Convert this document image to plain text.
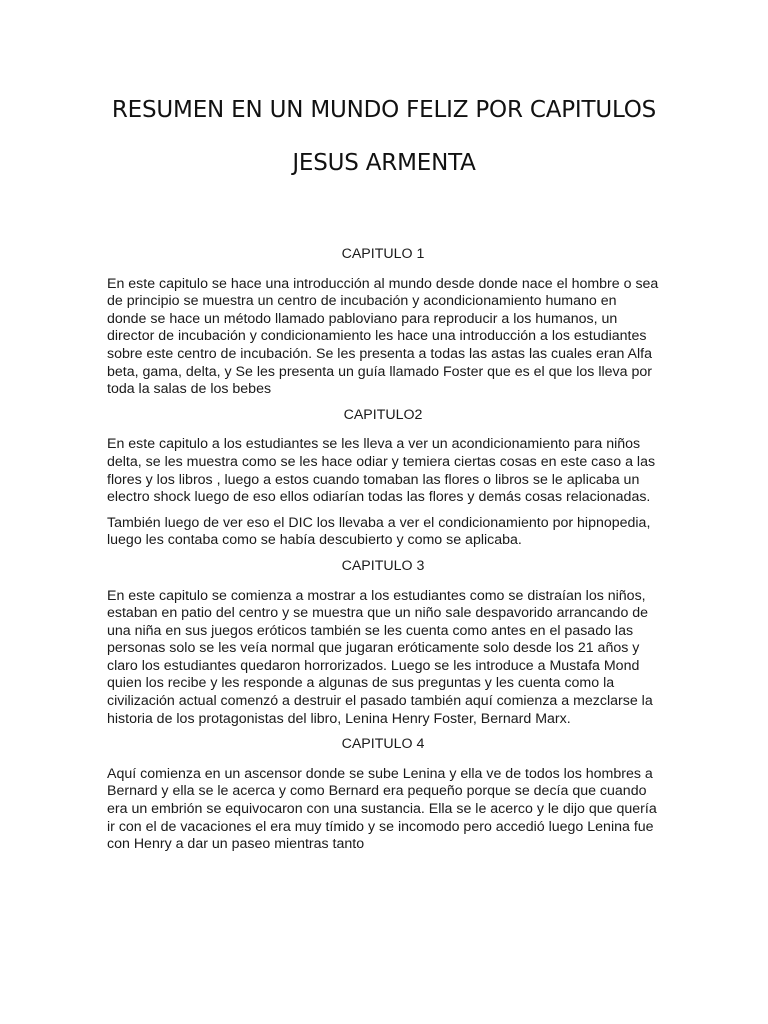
RESUMEN EN UN MUNDO FELIZ POR CAPITULOS
JESUS ARMENTA
CAPITULO 1
En este capitulo se hace una introducción al mundo desde donde nace el hombre o sea de principio se muestra un centro de incubación y acondicionamiento humano en donde se hace un método llamado pabloviano para reproducir a los humanos, un director de incubación y condicionamiento les hace una introducción a los estudiantes sobre este centro de incubación. Se les presenta a todas las astas las cuales eran Alfa beta, gama, delta, y Se les presenta un guía llamado Foster que es el que los lleva por toda la salas de los bebes
CAPITULO2
En este capitulo a los estudiantes se les lleva a ver un acondicionamiento para niños delta, se les muestra como se les hace odiar y temiera ciertas cosas en este caso a las flores y los libros , luego a estos cuando tomaban las flores o libros se le aplicaba un electro shock luego de eso ellos odiarían todas las flores y demás cosas relacionadas.
También luego de ver eso el DIC los llevaba a ver el condicionamiento por hipnopedia, luego les contaba como se había descubierto y como se aplicaba.
CAPITULO 3
En este capitulo se comienza a mostrar a los estudiantes como se distraían los niños, estaban en patio del centro y se muestra que un niño sale despavorido arrancando de una niña en sus juegos eróticos también se les cuenta como antes en el pasado las personas solo se les veía normal que jugaran eróticamente solo desde los 21 años y claro los estudiantes quedaron horrorizados. Luego se les introduce a Mustafa Mond quien los recibe y les responde a algunas de sus preguntas y les cuenta como la civilización actual comenzó a destruir el pasado también aquí comienza a mezclarse la historia de los protagonistas del libro, Lenina Henry Foster, Bernard Marx.
CAPITULO 4
Aquí comienza en un ascensor donde se sube Lenina y ella ve de todos los hombres a Bernard y ella se le acerca y como Bernard era pequeño porque se decía que cuando era un embrión se equivocaron con una sustancia. Ella se le acerco y le dijo que quería ir con el de vacaciones el era muy tímido y se incomodo pero accedió luego Lenina fue con Henry a dar un paseo mientras tanto
